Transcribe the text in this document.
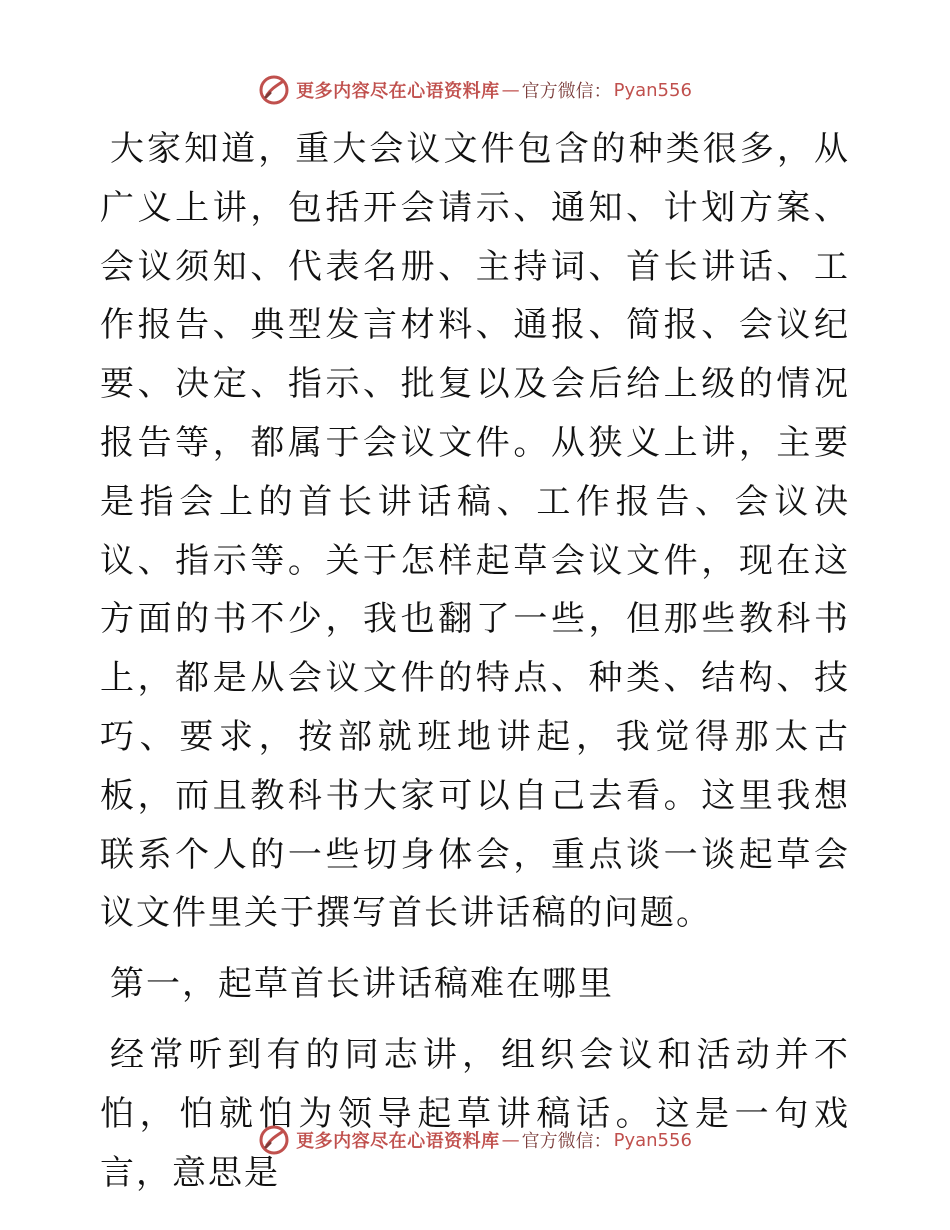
更多内容尽在心语资料库 — 官方微信： Pyan556

大家知道，重大会议文件包含的种类很多，从广义上讲，包括开会请示、通知、计划方案、会议须知、代表名册、主持词、首长讲话、工作报告、典型发言材料、通报、简报、会议纪要、决定、指示、批复以及会后给上级的情况报告等，都属于会议文件。从狭义上讲，主要是指会上的首长讲话稿、工作报告、会议决议、指示等。关于怎样起草会议文件，现在这方面的书不少，我也翻了一些，但那些教科书上，都是从会议文件的特点、种类、结构、技巧、要求，按部就班地讲起，我觉得那太古板，而且教科书大家可以自己去看。这里我想联系个人的一些切身体会，重点谈一谈起草会议文件里关于撰写首长讲话稿的问题。

第一，起草首长讲话稿难在哪里

经常听到有的同志讲，组织会议和活动并不怕，怕就怕为领导起草讲稿话。这是一句戏言，意思是

更多内容尽在心语资料库 — 官方微信： Pyan556
